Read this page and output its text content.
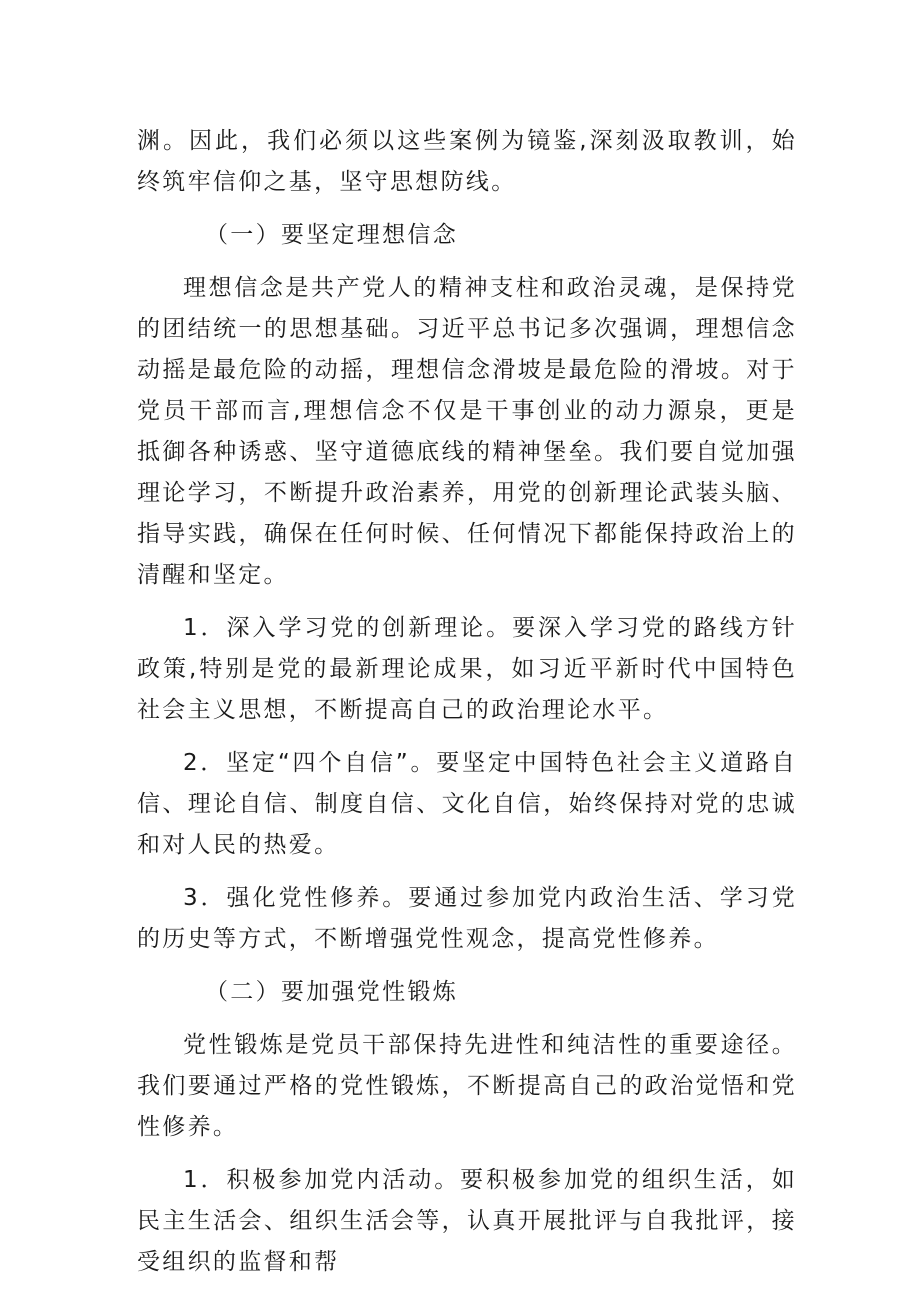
渊。因此，我们必须以这些案例为镜鉴,深刻汲取教训，始终筑牢信仰之基，坚守思想防线。

（一）要坚定理想信念

理想信念是共产党人的精神支柱和政治灵魂，是保持党的团结统一的思想基础。习近平总书记多次强调，理想信念动摇是最危险的动摇，理想信念滑坡是最危险的滑坡。对于党员干部而言,理想信念不仅是干事创业的动力源泉，更是抵御各种诱惑、坚守道德底线的精神堡垒。我们要自觉加强理论学习，不断提升政治素养，用党的创新理论武装头脑、指导实践，确保在任何时候、任何情况下都能保持政治上的清醒和坚定。

1．深入学习党的创新理论。要深入学习党的路线方针政策,特别是党的最新理论成果，如习近平新时代中国特色社会主义思想，不断提高自己的政治理论水平。

2．坚定“四个自信”。要坚定中国特色社会主义道路自信、理论自信、制度自信、文化自信，始终保持对党的忠诚和对人民的热爱。

3．强化党性修养。要通过参加党内政治生活、学习党的历史等方式，不断增强党性观念，提高党性修养。

（二）要加强党性锻炼

党性锻炼是党员干部保持先进性和纯洁性的重要途径。我们要通过严格的党性锻炼，不断提高自己的政治觉悟和党性修养。

1．积极参加党内活动。要积极参加党的组织生活，如民主生活会、组织生活会等，认真开展批评与自我批评，接受组织的监督和帮
